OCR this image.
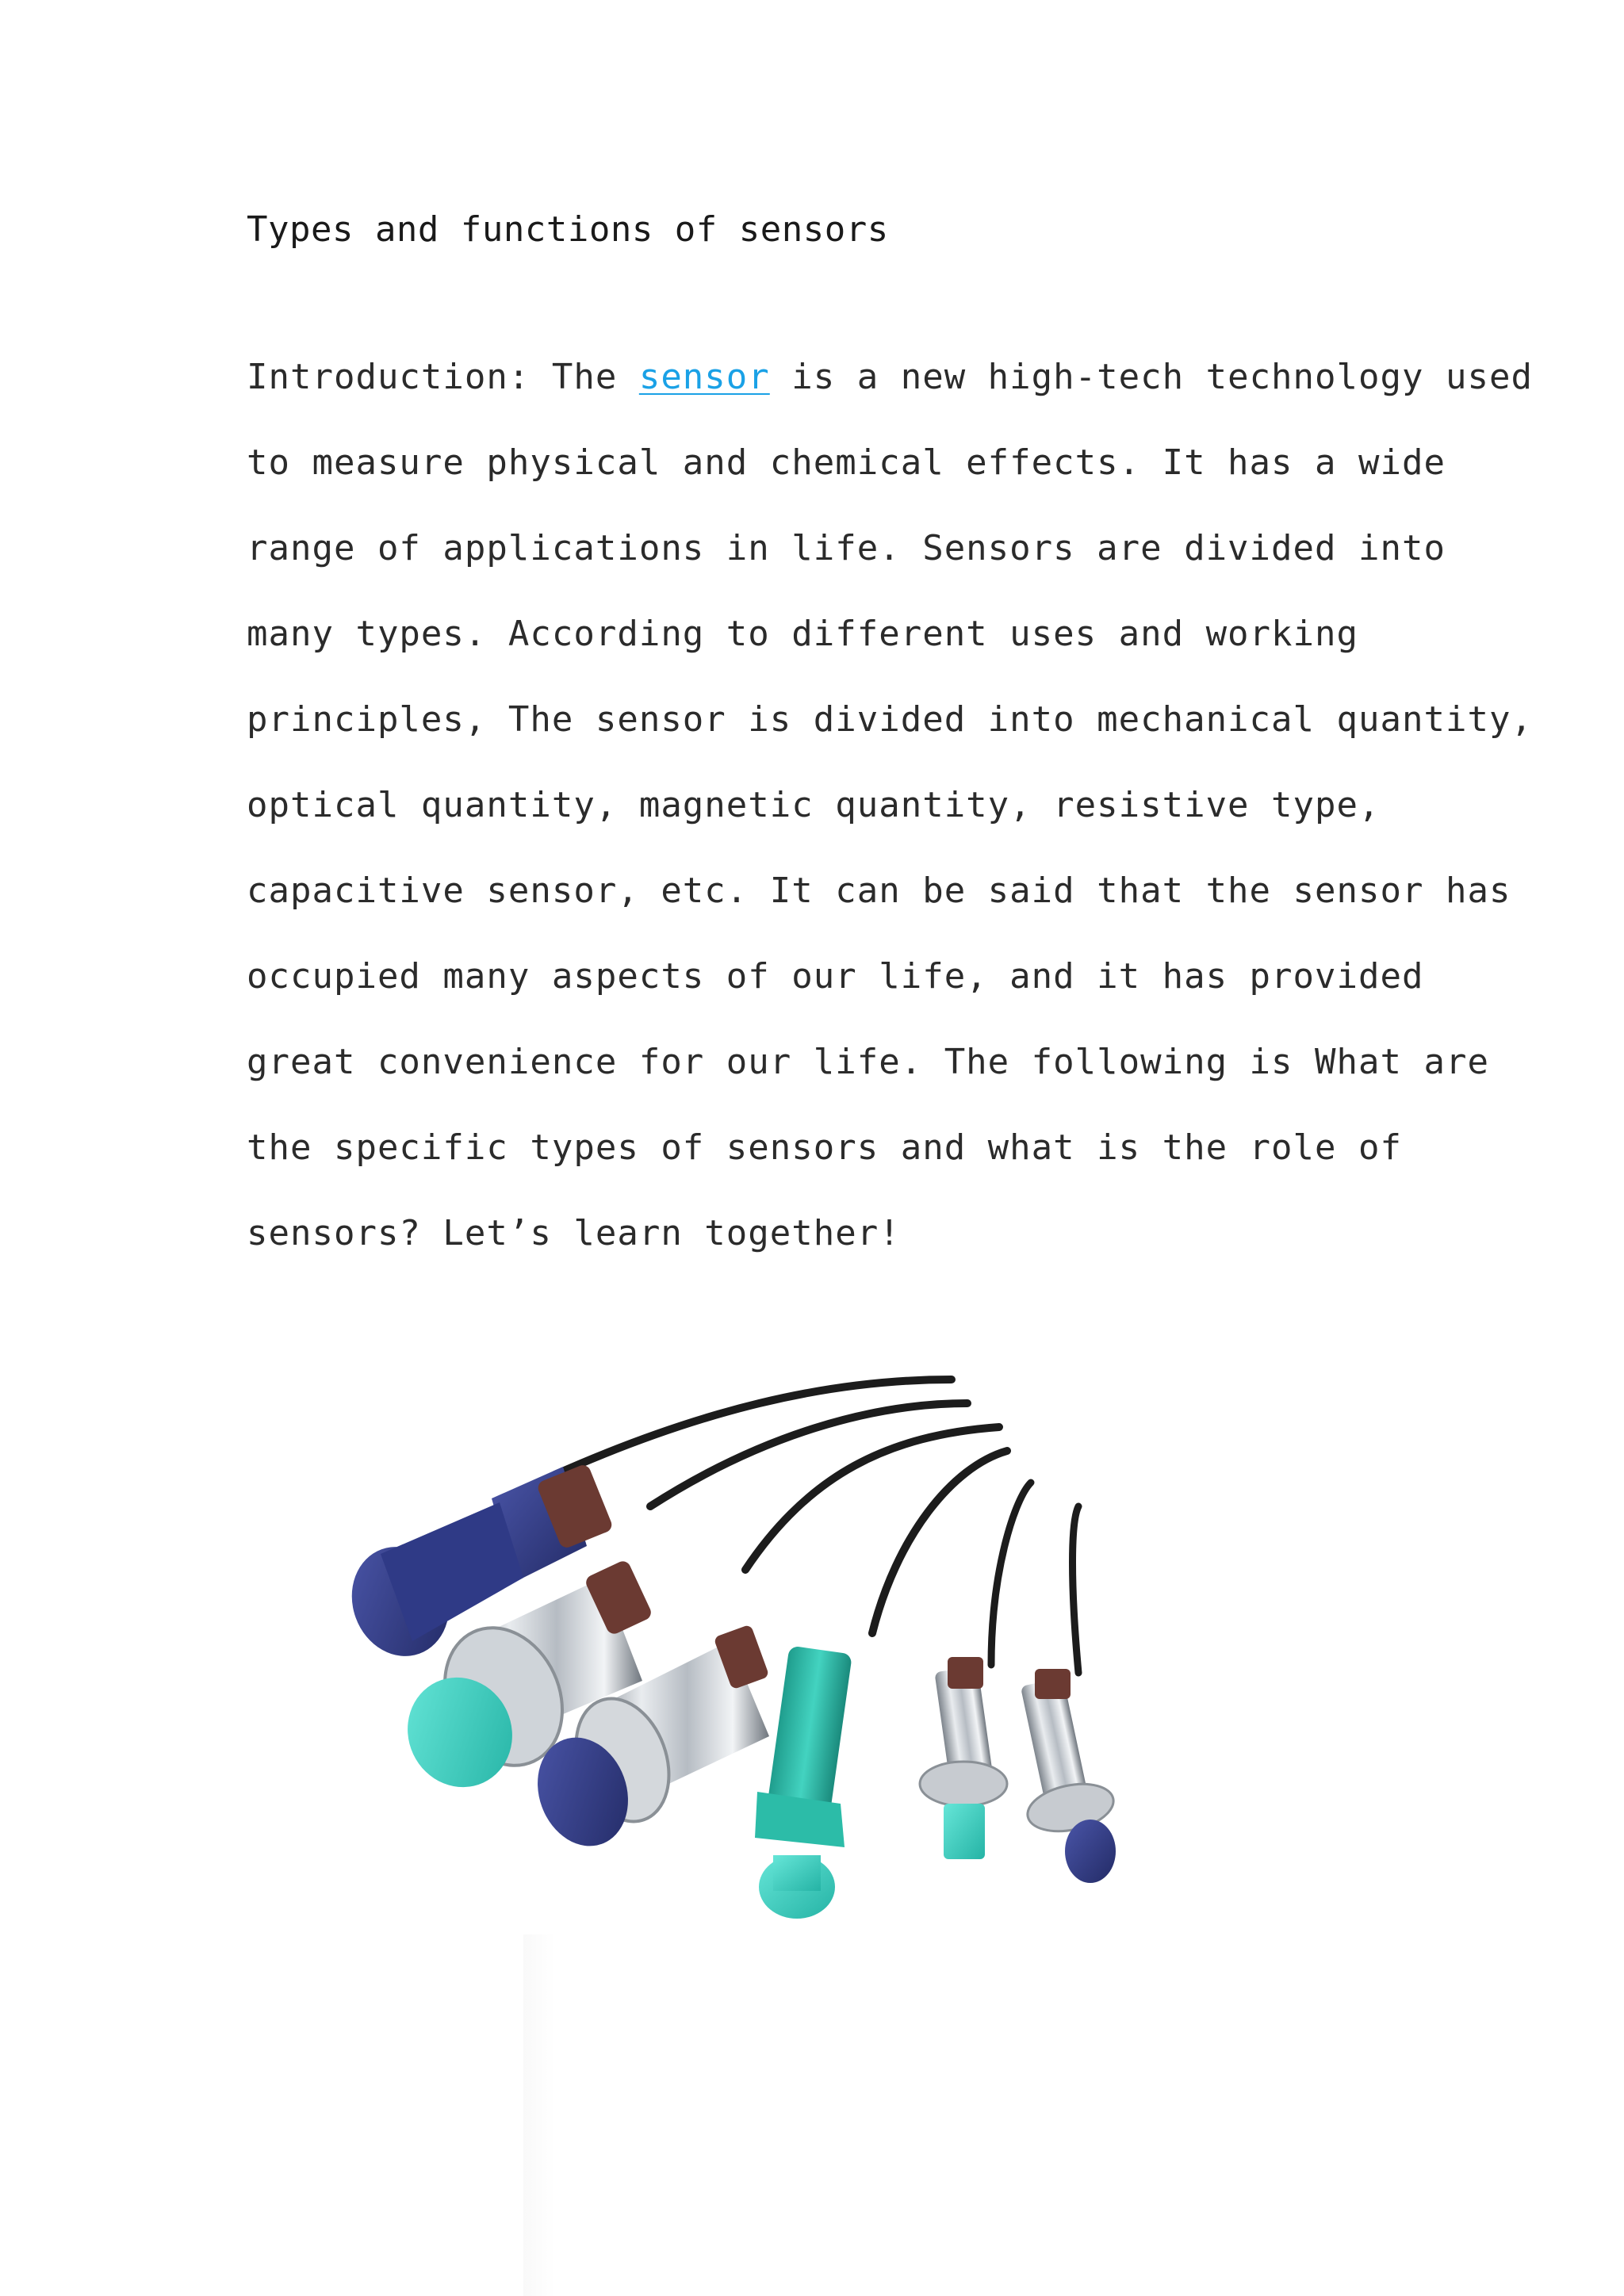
Types and functions of sensors
Introduction: The sensor is a new high-tech technology used
to measure physical and chemical effects. It has a wide
range of applications in life. Sensors are divided into
many types. According to different uses and working
principles, The sensor is divided into mechanical quantity,
optical quantity, magnetic quantity, resistive type,
capacitive sensor, etc. It can be said that the sensor has
occupied many aspects of our life, and it has provided
great convenience for our life. The following is What are
the specific types of sensors and what is the role of
sensors? Let’s learn together!
